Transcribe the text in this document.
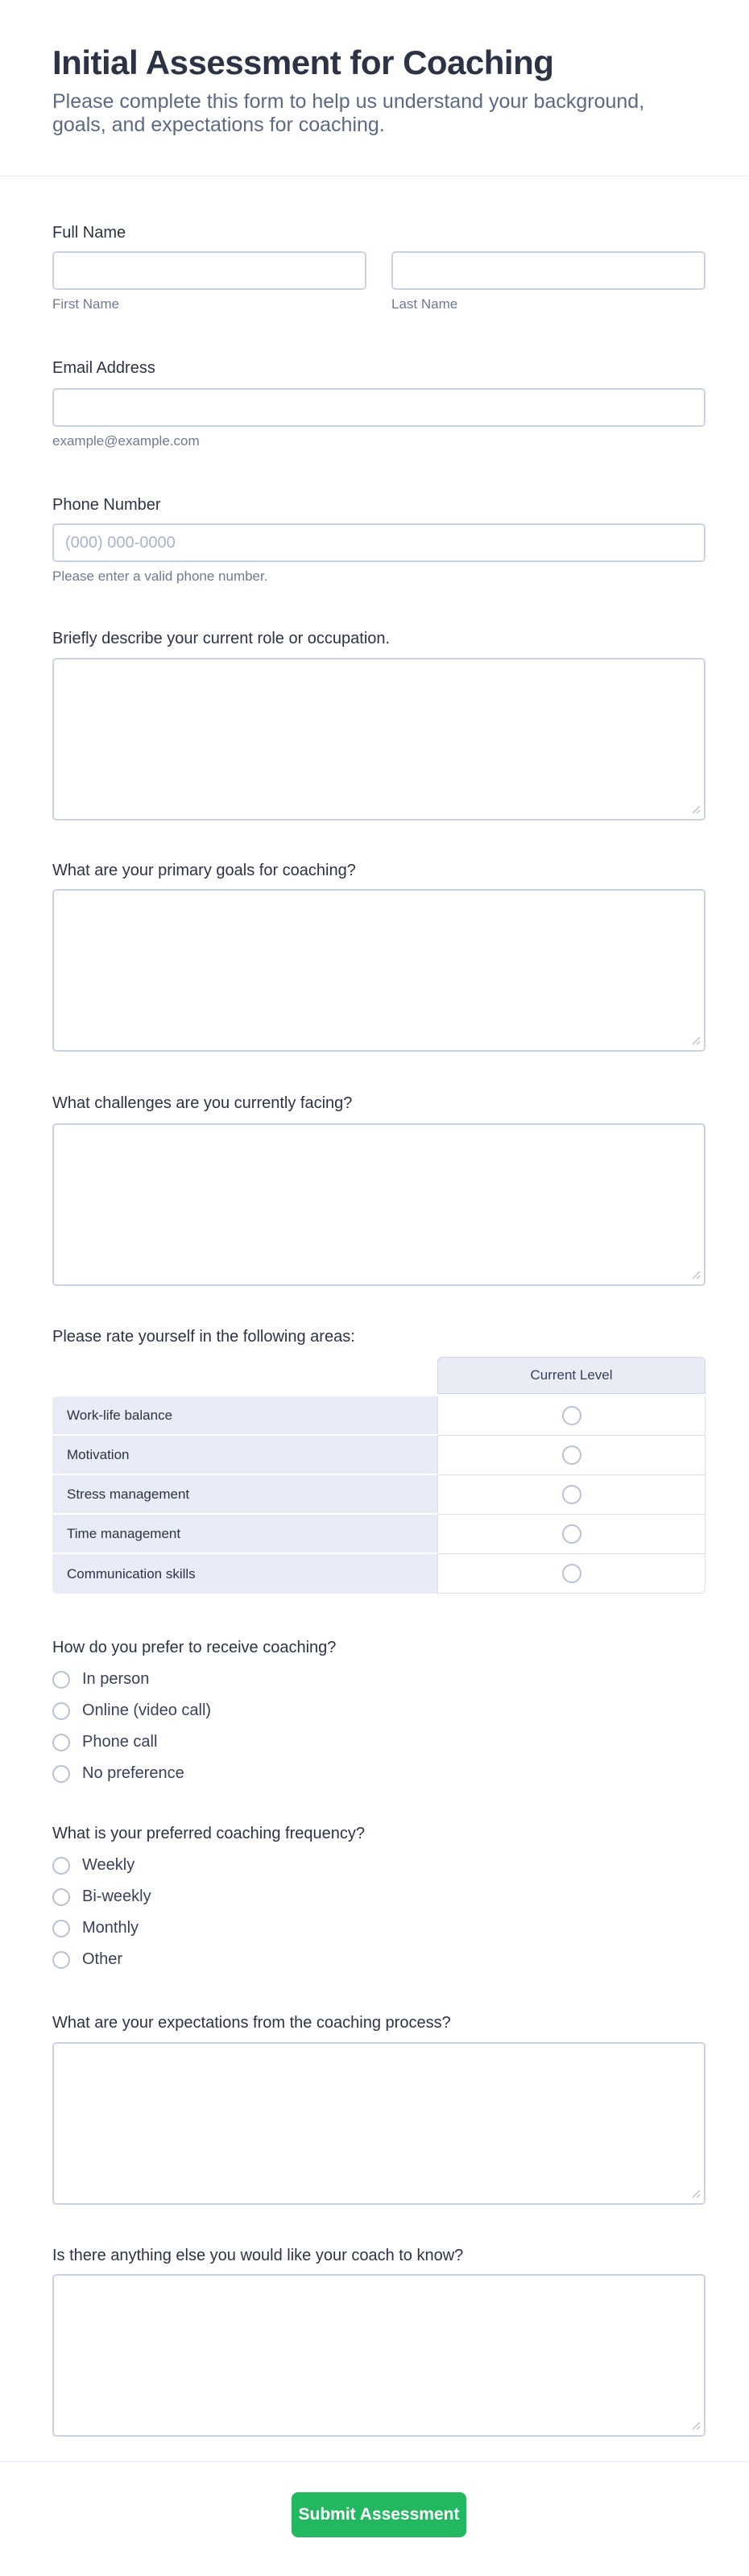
Initial Assessment for Coaching
Please complete this form to help us understand your background, goals, and expectations for coaching.
Full Name
First Name	Last Name
Email Address
example@example.com
Phone Number
(000) 000-0000
Please enter a valid phone number.
Briefly describe your current role or occupation.
What are your primary goals for coaching?
What challenges are you currently facing?
Please rate yourself in the following areas:
Current Level
Work-life balance
Motivation
Stress management
Time management
Communication skills
How do you prefer to receive coaching?
In person
Online (video call)
Phone call
No preference
What is your preferred coaching frequency?
Weekly
Bi-weekly
Monthly
Other
What are your expectations from the coaching process?
Is there anything else you would like your coach to know?
Submit Assessment
